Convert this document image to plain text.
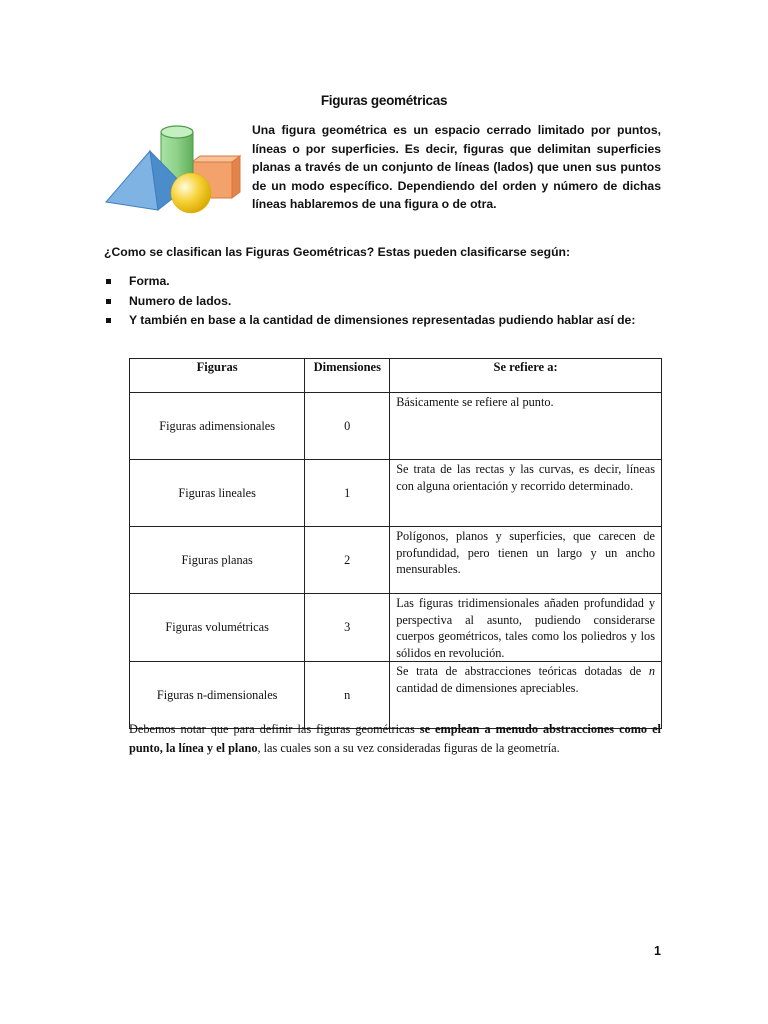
Figuras geométricas
Una figura geométrica es un espacio cerrado limitado por puntos, líneas o por superficies. Es decir, figuras que delimitan superficies planas a través de un conjunto de líneas (lados) que unen sus puntos de un modo específico. Dependiendo del orden y número de dichas líneas hablaremos de una figura o de otra.
¿Como se clasifican las Figuras Geométricas? Estas pueden clasificarse según:
Forma.
Numero de lados.
Y también en base a la cantidad de dimensiones representadas pudiendo hablar así de:
Figuras	Dimensiones	Se refiere a:
Figuras adimensionales	0	Básicamente se refiere al punto.
Figuras lineales	1	Se trata de las rectas y las curvas, es decir, líneas con alguna orientación y recorrido determinado.
Figuras planas	2	Polígonos, planos y superficies, que carecen de profundidad, pero tienen un largo y un ancho mensurables.
Figuras volumétricas	3	Las figuras tridimensionales añaden profundidad y perspectiva al asunto, pudiendo considerarse cuerpos geométricos, tales como los poliedros y los sólidos en revolución.
Figuras n-dimensionales	n	Se trata de abstracciones teóricas dotadas de n cantidad de dimensiones apreciables.
Debemos notar que para definir las figuras geométricas se emplean a menudo abstracciones como el punto, la línea y el plano, las cuales son a su vez consideradas figuras de la geometría.
1
